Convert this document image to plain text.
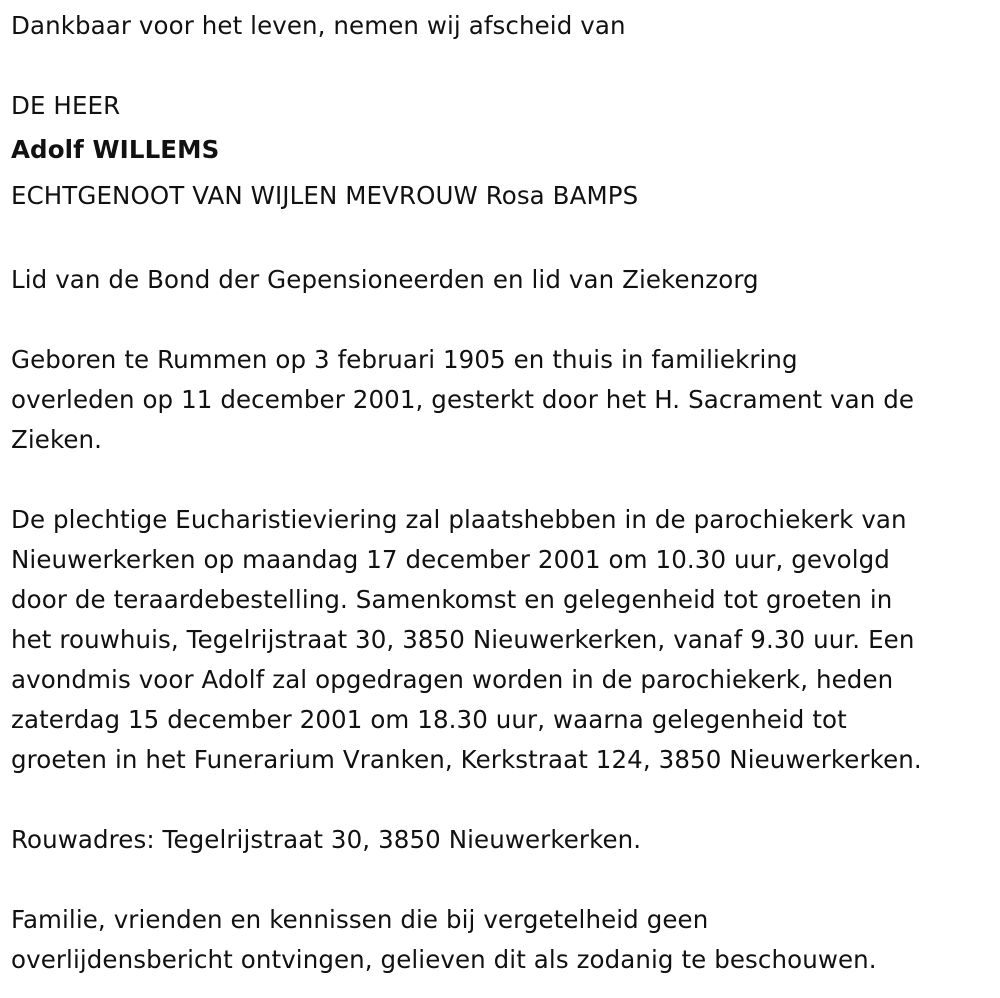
Dankbaar voor het leven, nemen wij afscheid van
DE HEER
Adolf WILLEMS
ECHTGENOOT VAN WIJLEN MEVROUW Rosa BAMPS
Lid van de Bond der Gepensioneerden en lid van Ziekenzorg
Geboren te Rummen op 3 februari 1905 en thuis in familiekring
overleden op 11 december 2001, gesterkt door het H. Sacrament van de
Zieken.
De plechtige Eucharistieviering zal plaatshebben in de parochiekerk van
Nieuwerkerken op maandag 17 december 2001 om 10.30 uur, gevolgd
door de teraardebestelling. Samenkomst en gelegenheid tot groeten in
het rouwhuis, Tegelrijstraat 30, 3850 Nieuwerkerken, vanaf 9.30 uur. Een
avondmis voor Adolf zal opgedragen worden in de parochiekerk, heden
zaterdag 15 december 2001 om 18.30 uur, waarna gelegenheid tot
groeten in het Funerarium Vranken, Kerkstraat 124, 3850 Nieuwerkerken.
Rouwadres: Tegelrijstraat 30, 3850 Nieuwerkerken.
Familie, vrienden en kennissen die bij vergetelheid geen
overlijdensbericht ontvingen, gelieven dit als zodanig te beschouwen.
